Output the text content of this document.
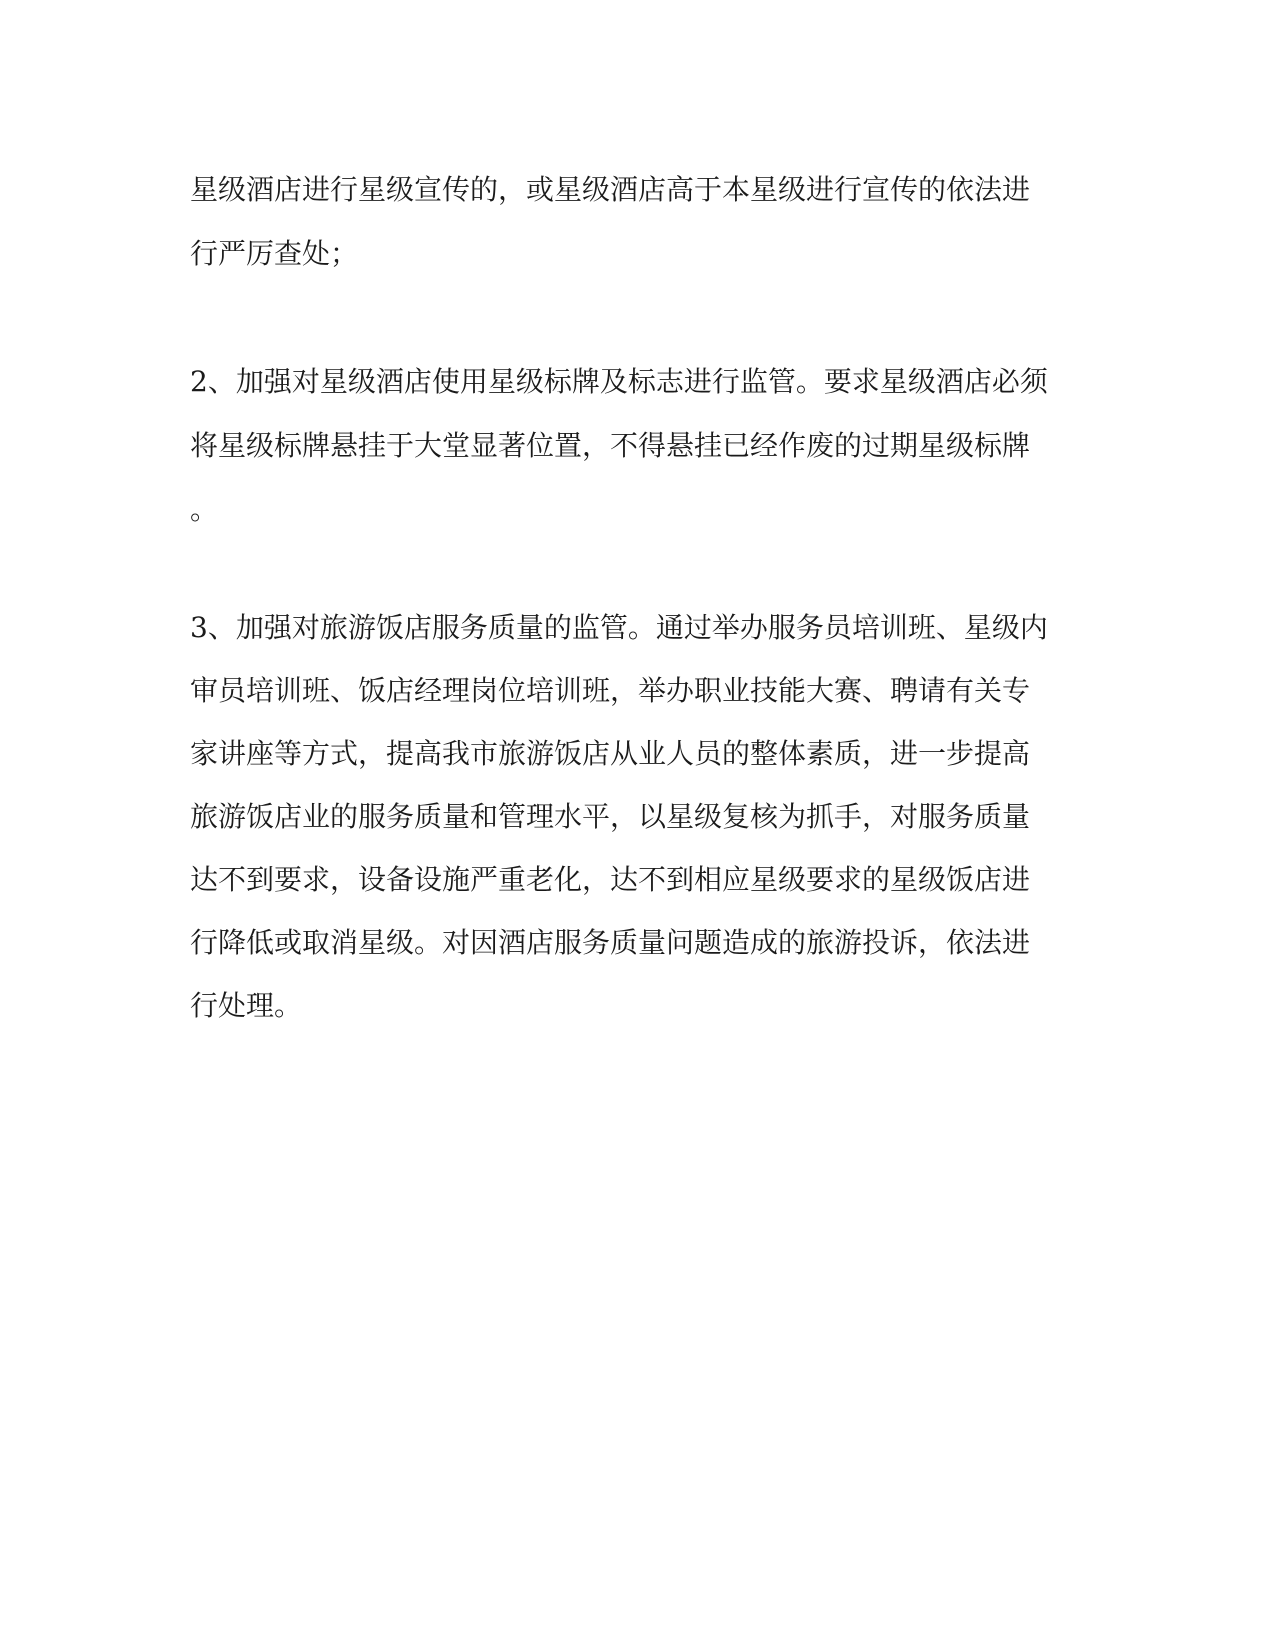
星级酒店进行星级宣传的，或星级酒店高于本星级进行宣传的依法进
行严厉查处；
2、加强对星级酒店使用星级标牌及标志进行监管。要求星级酒店必须
将星级标牌悬挂于大堂显著位置，不得悬挂已经作废的过期星级标牌
。
3、加强对旅游饭店服务质量的监管。通过举办服务员培训班、星级内
审员培训班、饭店经理岗位培训班，举办职业技能大赛、聘请有关专
家讲座等方式，提高我市旅游饭店从业人员的整体素质，进一步提高
旅游饭店业的服务质量和管理水平，以星级复核为抓手，对服务质量
达不到要求，设备设施严重老化，达不到相应星级要求的星级饭店进
行降低或取消星级。对因酒店服务质量问题造成的旅游投诉，依法进
行处理。
